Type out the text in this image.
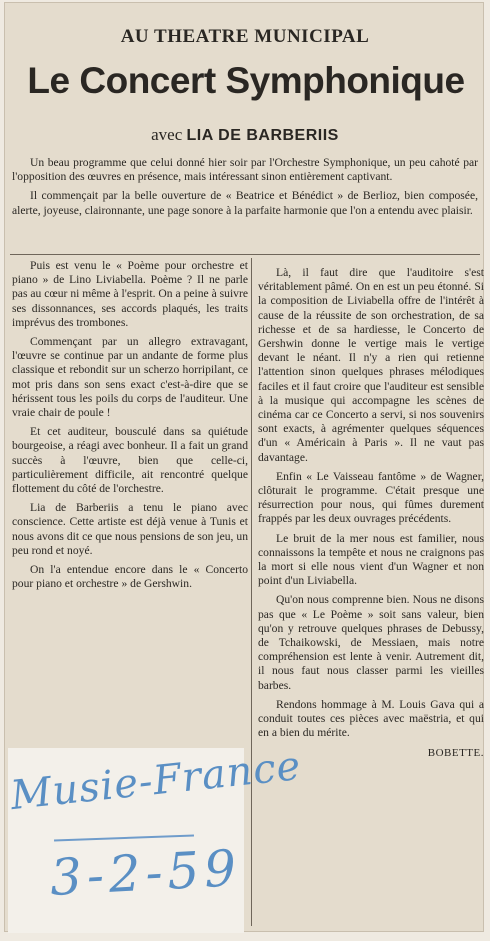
AU THEATRE MUNICIPAL
Le Concert Symphonique
avec LIA DE BARBERIIS

Un beau programme que celui donné hier soir par l'Orchestre Symphonique, un peu cahoté par l'opposition des œuvres en présence, mais intéressant sinon entièrement captivant.

Il commençait par la belle ouverture de « Beatrice et Bénédict » de Berlioz, bien composée, alerte, joyeuse, claironnante, une page sonore à la parfaite harmonie que l'on a entendu avec plaisir.

Puis est venu le « Poème pour orchestre et piano » de Lino Liviabella. Poème ? Il ne parle pas au cœur ni même à l'esprit. On a peine à suivre ses dissonnances, ses accords plaqués, les traits imprévus des trombones.

Commençant par un allegro extravagant, l'œuvre se continue par un andante de forme plus classique et rebondit sur un scherzo horripilant, ce mot pris dans son sens exact c'est-à-dire que se hérissent tous les poils du corps de l'auditeur. Une vraie chair de poule !

Et cet auditeur, bousculé dans sa quiétude bourgeoise, a réagi avec bonheur. Il a fait un grand succès à l'œuvre, bien que celle-ci, particulièrement difficile, ait rencontré quelque flottement du côté de l'orchestre.

Lia de Barberiis a tenu le piano avec conscience. Cette artiste est déjà venue à Tunis et nous avons dit ce que nous pensions de son jeu, un peu rond et noyé.

On l'a entendue encore dans le « Concerto pour piano et orchestre » de Gershwin.

Là, il faut dire que l'auditoire s'est véritablement pâmé. On en est un peu étonné. Si la composition de Liviabella offre de l'intérêt à cause de la réussite de son orchestration, de sa richesse et de sa hardiesse, le Concerto de Gershwin donne le vertige mais le vertige devant le néant. Il n'y a rien qui retienne l'attention sinon quelques phrases mélodiques faciles et il faut croire que l'auditeur est sensible à la musique qui accompagne les scènes de cinéma car ce Concerto a servi, si nos souvenirs sont exacts, à agrémenter quelques séquences d'un « Américain à Paris ». Il ne vaut pas davantage.

Enfin « Le Vaisseau fantôme » de Wagner, clôturait le programme. C'était presque une résurrection pour nous, qui fûmes durement frappés par les deux ouvrages précédents.

Le bruit de la mer nous est familier, nous connaissons la tempête et nous ne craignons pas la mort si elle nous vient d'un Wagner et non point d'un Liviabella.

Qu'on nous comprenne bien. Nous ne disons pas que « Le Poème » soit sans valeur, bien qu'on y retrouve quelques phrases de Debussy, de Tchaikowski, de Messiaen, mais notre compréhension est lente à venir. Autrement dit, il nous faut nous classer parmi les vieilles barbes.

Rendons hommage à M. Louis Gava qui a conduit toutes ces pièces avec maëstria, et qui en a bien du mérite.

BOBETTE.
Musie-France
3-2-59
